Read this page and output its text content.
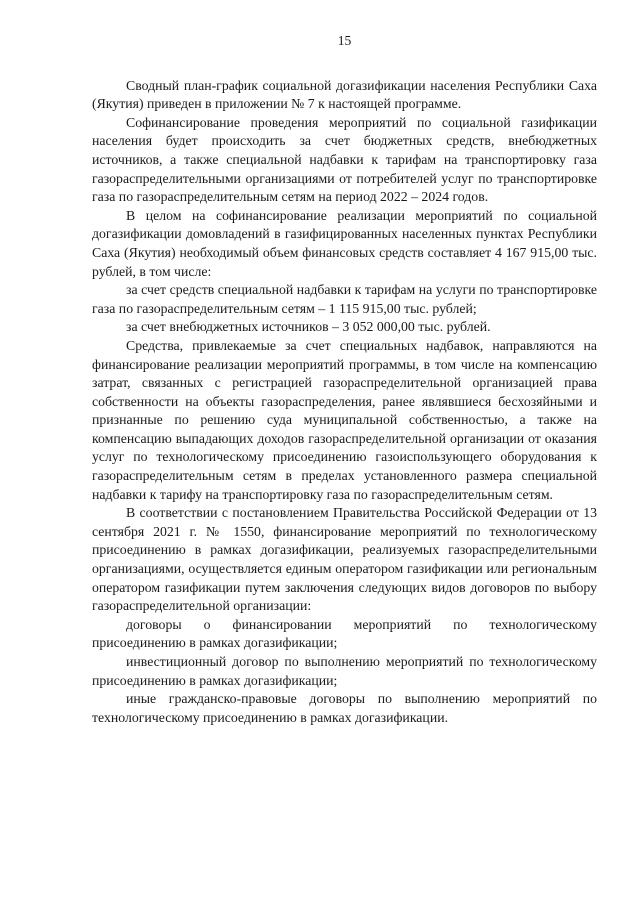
15

Сводный план-график социальной догазификации населения Республики Саха (Якутия) приведен в приложении № 7 к настоящей программе.

Софинансирование проведения мероприятий по социальной газификации населения будет происходить за счет бюджетных средств, внебюджетных источников, а также специальной надбавки к тарифам на транспортировку газа газораспределительными организациями от потребителей услуг по транспортировке газа по газораспределительным сетям на период 2022 – 2024 годов.

В целом на софинансирование реализации мероприятий по социальной догазификации домовладений в газифицированных населенных пунктах Республики Саха (Якутия) необходимый объем финансовых средств составляет 4 167 915,00 тыс. рублей, в том числе:

за счет средств специальной надбавки к тарифам на услуги по транспортировке газа по газораспределительным сетям – 1 115 915,00 тыс. рублей;

за счет внебюджетных источников – 3 052 000,00 тыс. рублей.

Средства, привлекаемые за счет специальных надбавок, направляются на финансирование реализации мероприятий программы, в том числе на компенсацию затрат, связанных с регистрацией газораспределительной организацией права собственности на объекты газораспределения, ранее являвшиеся бесхозяйными и признанные по решению суда муниципальной собственностью, а также на компенсацию выпадающих доходов газораспределительной организации от оказания услуг по технологическому присоединению газоиспользующего оборудования к газораспределительным сетям в пределах установленного размера специальной надбавки к тарифу на транспортировку газа по газораспределительным сетям.

В соответствии с постановлением Правительства Российской Федерации от 13 сентября 2021 г. № 1550, финансирование мероприятий по технологическому присоединению в рамках догазификации, реализуемых газораспределительными организациями, осуществляется единым оператором газификации или региональным оператором газификации путем заключения следующих видов договоров по выбору газораспределительной организации:

договоры о финансировании мероприятий по технологическому присоединению в рамках догазификации;

инвестиционный договор по выполнению мероприятий по технологическому присоединению в рамках догазификации;

иные гражданско-правовые договоры по выполнению мероприятий по технологическому присоединению в рамках догазификации.
